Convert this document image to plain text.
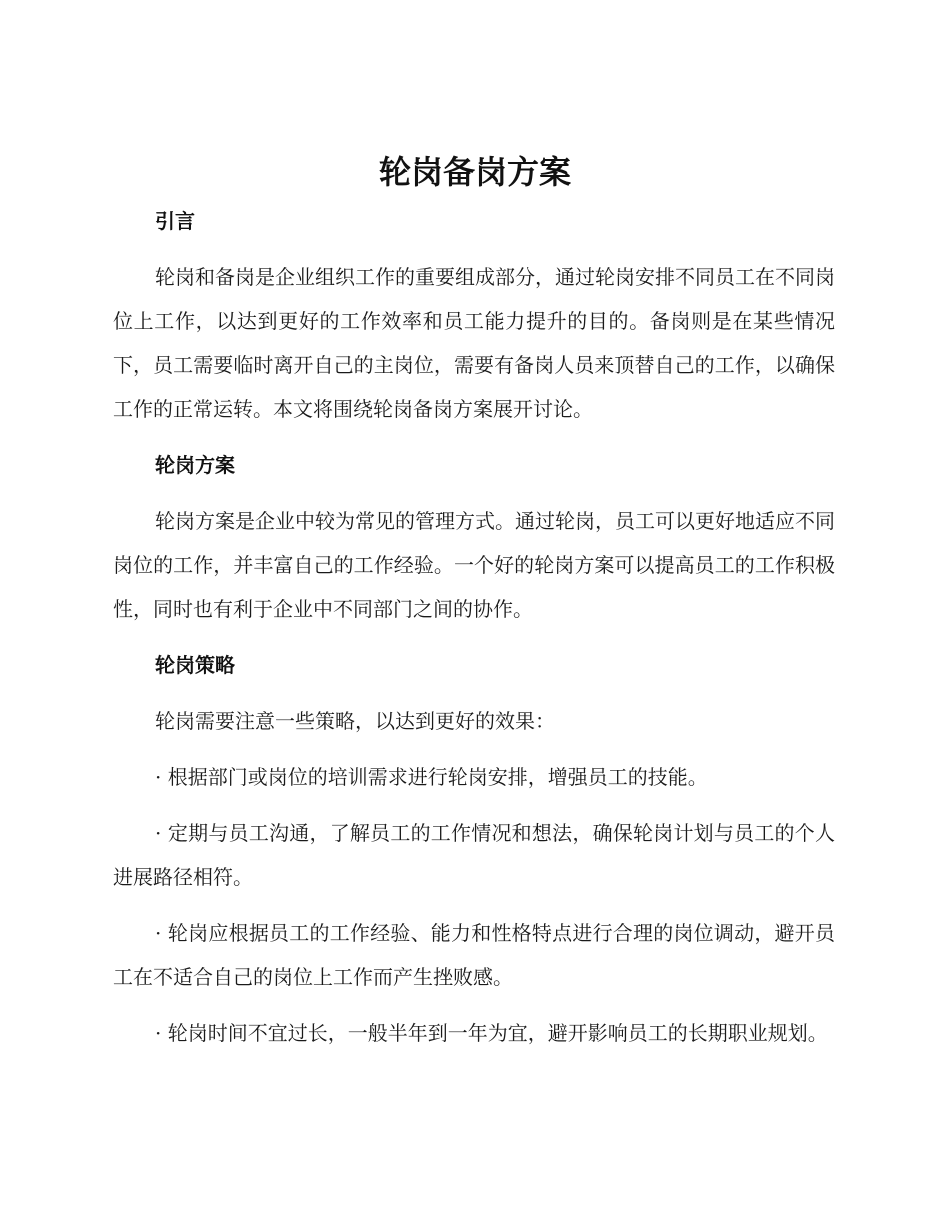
轮岗备岗方案
引言

轮岗和备岗是企业组织工作的重要组成部分，通过轮岗安排不同员工在不同岗位上工作，以达到更好的工作效率和员工能力提升的目的。备岗则是在某些情况下，员工需要临时离开自己的主岗位，需要有备岗人员来顶替自己的工作，以确保工作的正常运转。本文将围绕轮岗备岗方案展开讨论。

轮岗方案

轮岗方案是企业中较为常见的管理方式。通过轮岗，员工可以更好地适应不同岗位的工作，并丰富自己的工作经验。一个好的轮岗方案可以提高员工的工作积极性，同时也有利于企业中不同部门之间的协作。

轮岗策略

轮岗需要注意一些策略，以达到更好的效果：

· 根据部门或岗位的培训需求进行轮岗安排，增强员工的技能。

· 定期与员工沟通，了解员工的工作情况和想法，确保轮岗计划与员工的个人进展路径相符。

· 轮岗应根据员工的工作经验、能力和性格特点进行合理的岗位调动，避开员工在不适合自己的岗位上工作而产生挫败感。

· 轮岗时间不宜过长，一般半年到一年为宜，避开影响员工的长期职业规划。
